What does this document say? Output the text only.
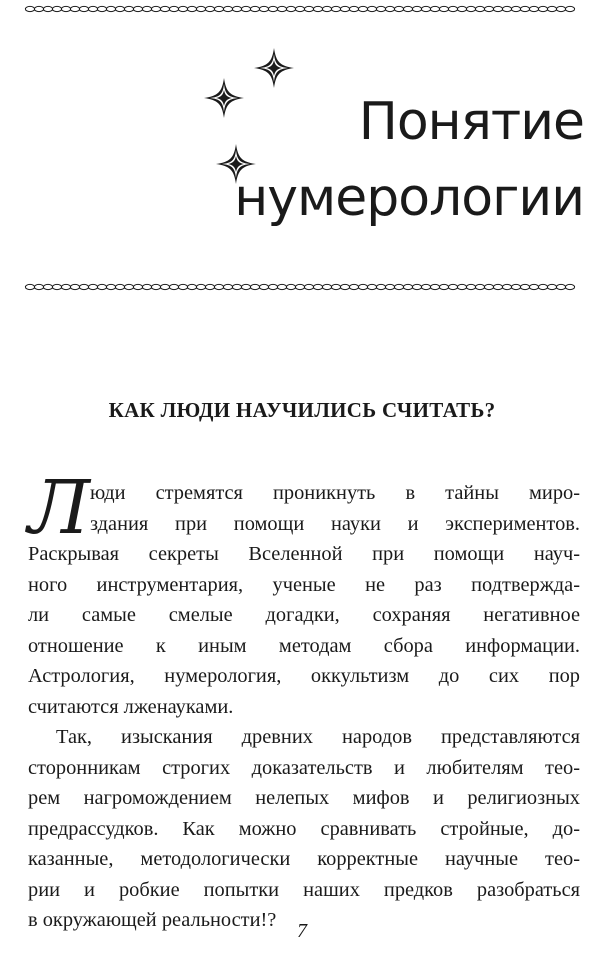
Понятие
нумерологии
КАК ЛЮДИ НАУЧИЛИСЬ СЧИТАТЬ?
Л юди стремятся проникнуть в тайны миро-
здания при помощи науки и экспериментов.
Раскрывая секреты Вселенной при помощи науч-
ного инструментария, ученые не раз подтвержда-
ли самые смелые догадки, сохраняя негативное
отношение к иным методам сбора информации.
Астрология, нумерология, оккультизм до сих пор
считаются лженауками.
Так, изыскания древних народов представляются
сторонникам строгих доказательств и любителям тео-
рем нагромождением нелепых мифов и религиозных
предрассудков. Как можно сравнивать стройные, до-
казанные, методологически корректные научные тео-
рии и робкие попытки наших предков разобраться
в окружающей реальности!?	7
